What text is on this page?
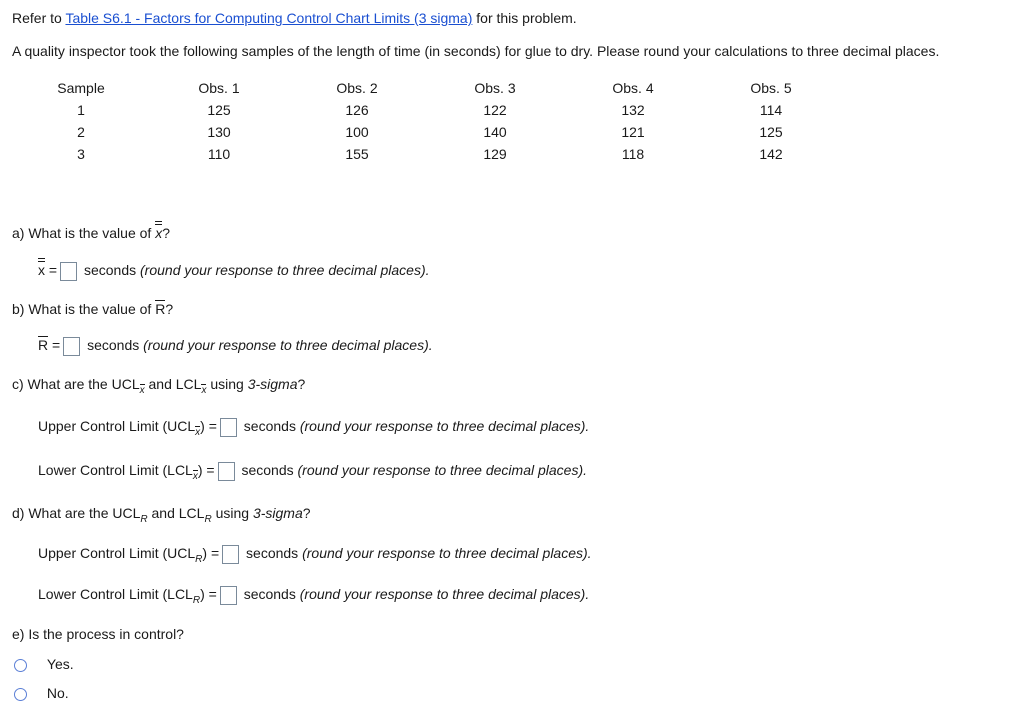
Refer to Table S6.1 - Factors for Computing Control Chart Limits (3 sigma) for this problem.
A quality inspector took the following samples of the length of time (in seconds) for glue to dry. Please round your calculations to three decimal places.
Sample	Obs. 1	Obs. 2	Obs. 3	Obs. 4	Obs. 5
1	125	126	122	132	114
2	130	100	140	121	125
3	110	155	129	118	142
a) What is the value of x?
x = seconds (round your response to three decimal places).
b) What is the value of R?
R = seconds (round your response to three decimal places).
c) What are the $UCL_x$ and $LCL_x$ using 3-sigma?
Upper Control Limit $(UCL_x)$ = seconds (round your response to three decimal places).
Lower Control Limit $(LCL_x)$ = seconds (round your response to three decimal places).
d) What are the $UCL_R$ and $LCL_R$ using 3-sigma?
Upper Control Limit $(UCL_R)$ = seconds (round your response to three decimal places).
Lower Control Limit $(LCL_R)$ = seconds (round your response to three decimal places).
e) Is the process in control?
Yes.
No.
